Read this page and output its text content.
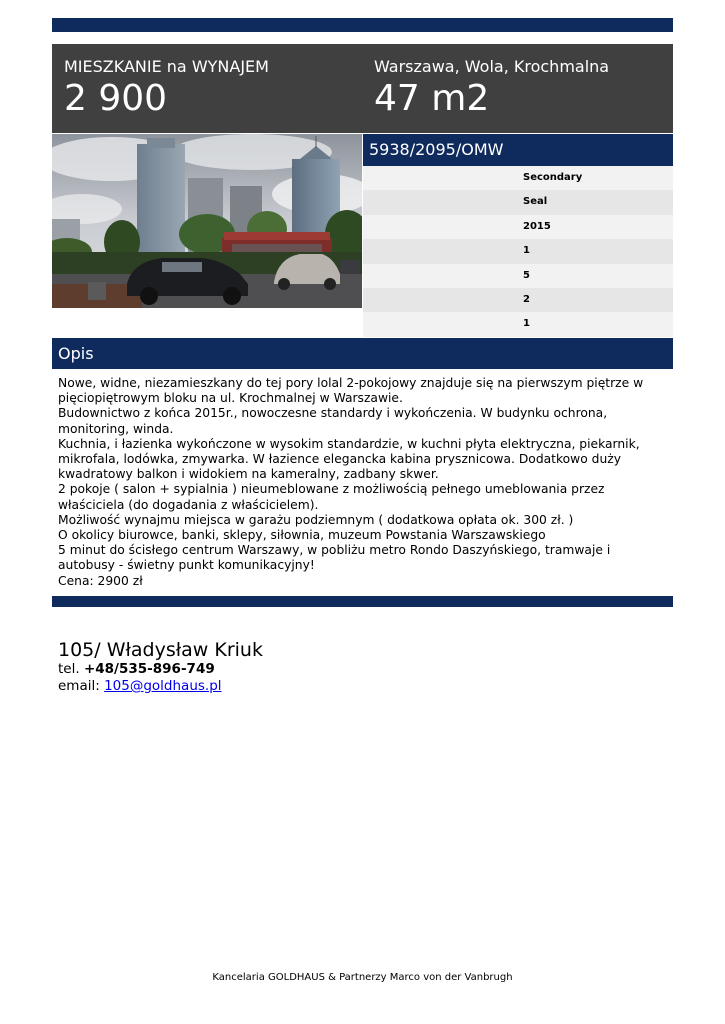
MIESZKANIE na WYNAJEM
2 900
Warszawa, Wola, Krochmalna
47 m2
5938/2095/OMW
Secondary
Seal
2015
1
5
2
1
Opis

Nowe, widne, niezamieszkany do tej pory lolal 2-pokojowy znajduje się na pierwszym piętrze w pięciopiętrowym bloku na ul. Krochmalnej w Warszawie.

Budownictwo z końca 2015r., nowoczesne standardy i wykończenia. W budynku ochrona, monitoring, winda.

Kuchnia, i łazienka wykończone w wysokim standardzie, w kuchni płyta elektryczna, piekarnik, mikrofala, lodówka, zmywarka. W łazience elegancka kabina prysznicowa. Dodatkowo duży kwadratowy balkon i widokiem na kameralny, zadbany skwer.

2 pokoje ( salon + sypialnia ) nieumeblowane z możliwością pełnego umeblowania przez właściciela (do dogadania z właścicielem).

Możliwość wynajmu miejsca w garażu podziemnym ( dodatkowa opłata ok. 300 zł. )

O okolicy biurowce, banki, sklepy, siłownia, muzeum Powstania Warszawskiego

5 minut do ścisłego centrum Warszawy, w pobliżu metro Rondo Daszyńskiego, tramwaje i autobusy - świetny punkt komunikacyjny!

Cena: 2900 zł

105/ Władysław Kriuk
tel. +48/535-896-749
email: 105@goldhaus.pl
Kancelaria GOLDHAUS & Partnerzy Marco von der Vanbrugh
